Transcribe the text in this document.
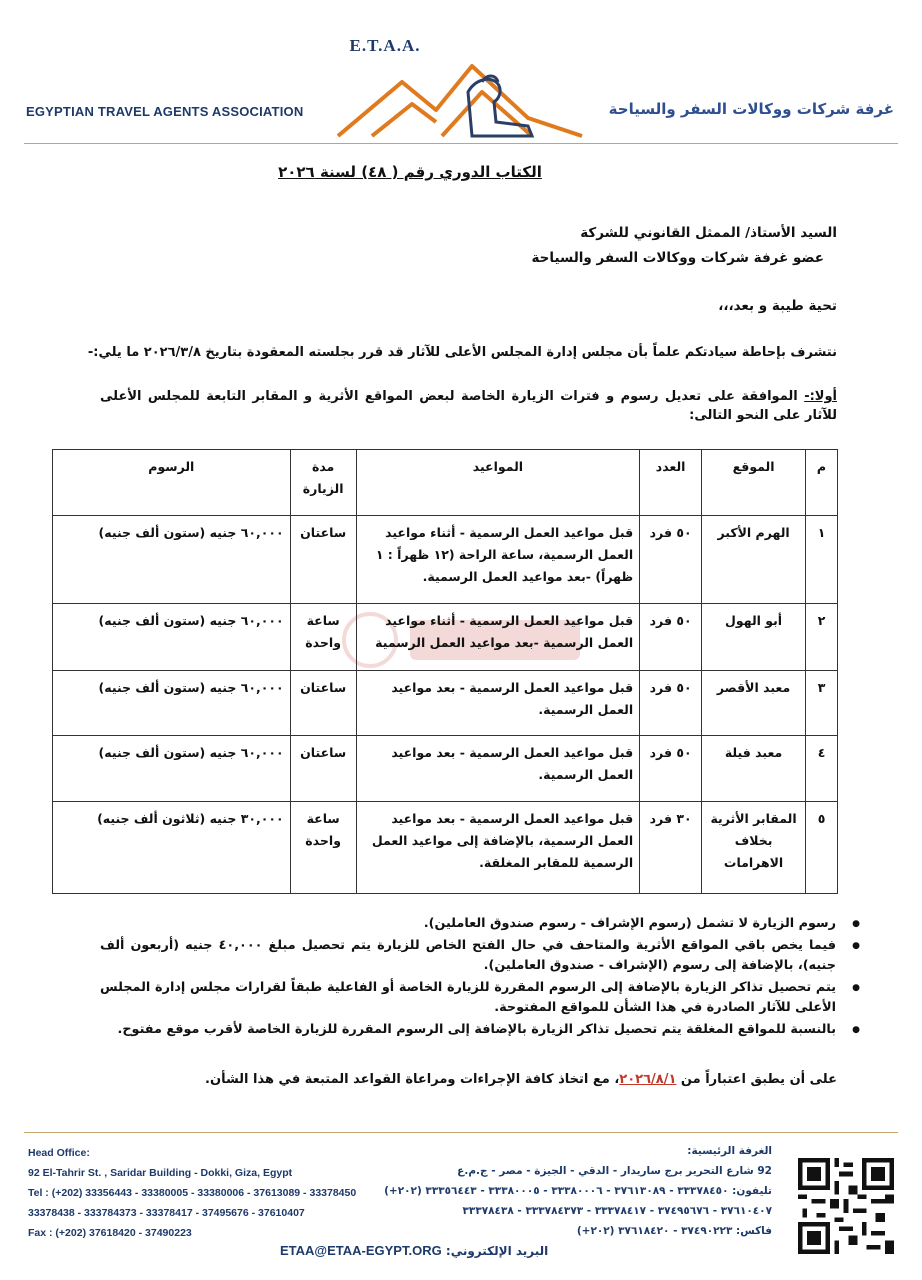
E.T.A.A.
EGYPTIAN TRAVEL AGENTS ASSOCIATION	غرفة شركات ووكالات السفر والسياحة
الكتاب الدوري رقم ( ٤٨) لسنة ٢٠٢٦
السيد الأستاذ/ الممثل القانوني للشركة
عضو غرفة شركات ووكالات السفر والسياحة
تحية طيبة و بعد،،،
نتشرف بإحاطة سيادتكم علماً بأن مجلس إدارة المجلس الأعلى للآثار قد قرر بجلسته المعقودة بتاريخ ٢٠٢٦/٣/٨ ما يلي:-
أولا:- الموافقة على تعديل رسوم و فترات الزيارة الخاصة لبعض المواقع الأثرية و المقابر التابعة للمجلس الأعلى للآثار على النحو التالى:
م	الموقع	العدد	المواعيد	مدة الزيارة	الرسوم
١	الهرم الأكبر	٥٠ فرد	قبل مواعيد العمل الرسمية - أثناء مواعيد العمل الرسمية، ساعة الراحة (١٢ ظهراً : ١ ظهراً) -بعد مواعيد العمل الرسمية.	ساعتان	٦٠,٠٠٠ جنيه (ستون ألف جنيه)
٢	أبو الهول	٥٠ فرد	قبل مواعيد العمل الرسمية - أثناء مواعيد العمل الرسمية -بعد مواعيد العمل الرسمية	ساعة واحدة	٦٠,٠٠٠ جنيه (ستون ألف جنيه)
٣	معبد الأقصر	٥٠ فرد	قبل مواعيد العمل الرسمية - بعد مواعيد العمل الرسمية.	ساعتان	٦٠,٠٠٠ جنيه (ستون ألف جنيه)
٤	معبد فيلة	٥٠ فرد	قبل مواعيد العمل الرسمية - بعد مواعيد العمل الرسمية.	ساعتان	٦٠,٠٠٠ جنيه (ستون ألف جنيه)
٥	المقابر الأثرية بخلاف الاهرامات	٣٠ فرد	قبل مواعيد العمل الرسمية - بعد مواعيد العمل الرسمية، بالإضافة إلى مواعيد العمل الرسمية للمقابر المغلقة.	ساعة واحدة	٣٠,٠٠٠ جنيه (ثلاثون ألف جنيه)
● رسوم الزيارة لا تشمل (رسوم الإشراف - رسوم صندوق العاملين).
● فيما يخص باقي المواقع الأثرية والمتاحف في حال الفتح الخاص للزيارة يتم تحصيل مبلغ ٤٠,٠٠٠ جنيه (أربعون ألف جنيه)، بالإضافة إلى رسوم (الإشراف - صندوق العاملين).
● يتم تحصيل تذاكر الزيارة بالإضافة إلى الرسوم المقررة للزيارة الخاصة أو الفاعلية طبقاً لقرارات مجلس إدارة المجلس الأعلى للآثار الصادرة في هذا الشأن للمواقع المفتوحة.
● بالنسبة للمواقع المغلقة يتم تحصيل تذاكر الزيارة بالإضافة إلى الرسوم المقررة للزيارة الخاصة لأقرب موقع مفتوح.
على أن يطبق اعتباراً من ٢٠٢٦/٨/١، مع اتخاذ كافة الإجراءات ومراعاة القواعد المتبعة في هذا الشأن.
Head Office:
92 El-Tahrir St. , Saridar Building - Dokki, Giza, Egypt
Tel : (+202) 33356443 - 33380005 - 33380006 - 37613089 - 33378450
33378438 - 333784373 - 33378417 - 37495676 - 37610407
Fax : (+202) 37618420 - 37490223
الغرفة الرئيسية:
92 شارع التحرير برج ساريدار - الدقي - الجيزة - مصر - ج.م.ع
تليفون: ٣٣٣٧٨٤٥٠ - ٣٧٦١٣٠٨٩ - ٣٣٣٨٠٠٠٦ - ٣٣٣٨٠٠٠٥ - ٣٣٣٥٦٤٤٣ (٢٠٢+)
٣٧٦١٠٤٠٧ - ٣٧٤٩٥٦٧٦ - ٣٣٣٧٨٤١٧ - ٣٣٣٧٨٤٣٧٣ - ٣٣٣٧٨٤٣٨
فاكس: ٣٧٤٩٠٢٢٣ - ٣٧٦١٨٤٢٠ (٢٠٢+)
البريد الإلكتروني: ETAA@ETAA-EGYPT.ORG
